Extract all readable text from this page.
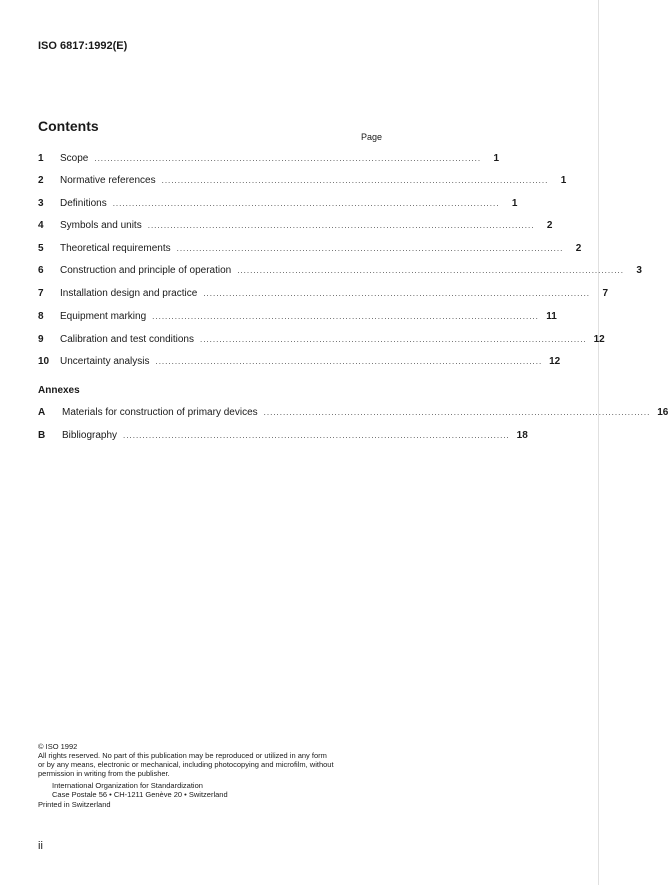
ISO 6817:1992(E)
Contents
Page
1	Scope ........................................................................................................................	1
2	Normative references ........................................................................................................................	1
3	Definitions ........................................................................................................................	1
4	Symbols and units ........................................................................................................................	2
5	Theoretical requirements ........................................................................................................................	2
6	Construction and principle of operation ........................................................................................................................	3
7	Installation design and practice ........................................................................................................................	7
8	Equipment marking ........................................................................................................................ 11
9	Calibration and test conditions ........................................................................................................................ 12
10	Uncertainty analysis ........................................................................................................................ 12
Annexes
A	Materials for construction of primary devices ........................................................................................................................ 16
B	Bibliography ........................................................................................................................ 18
© ISO 1992
All rights reserved. No part of this publication may be reproduced or utilized in any form
or by any means, electronic or mechanical, including photocopying and microfilm, without
permission in writing from the publisher.
International Organization for Standardization
Case Postale 56 • CH-1211 Genève 20 • Switzerland
Printed in Switzerland
ii
